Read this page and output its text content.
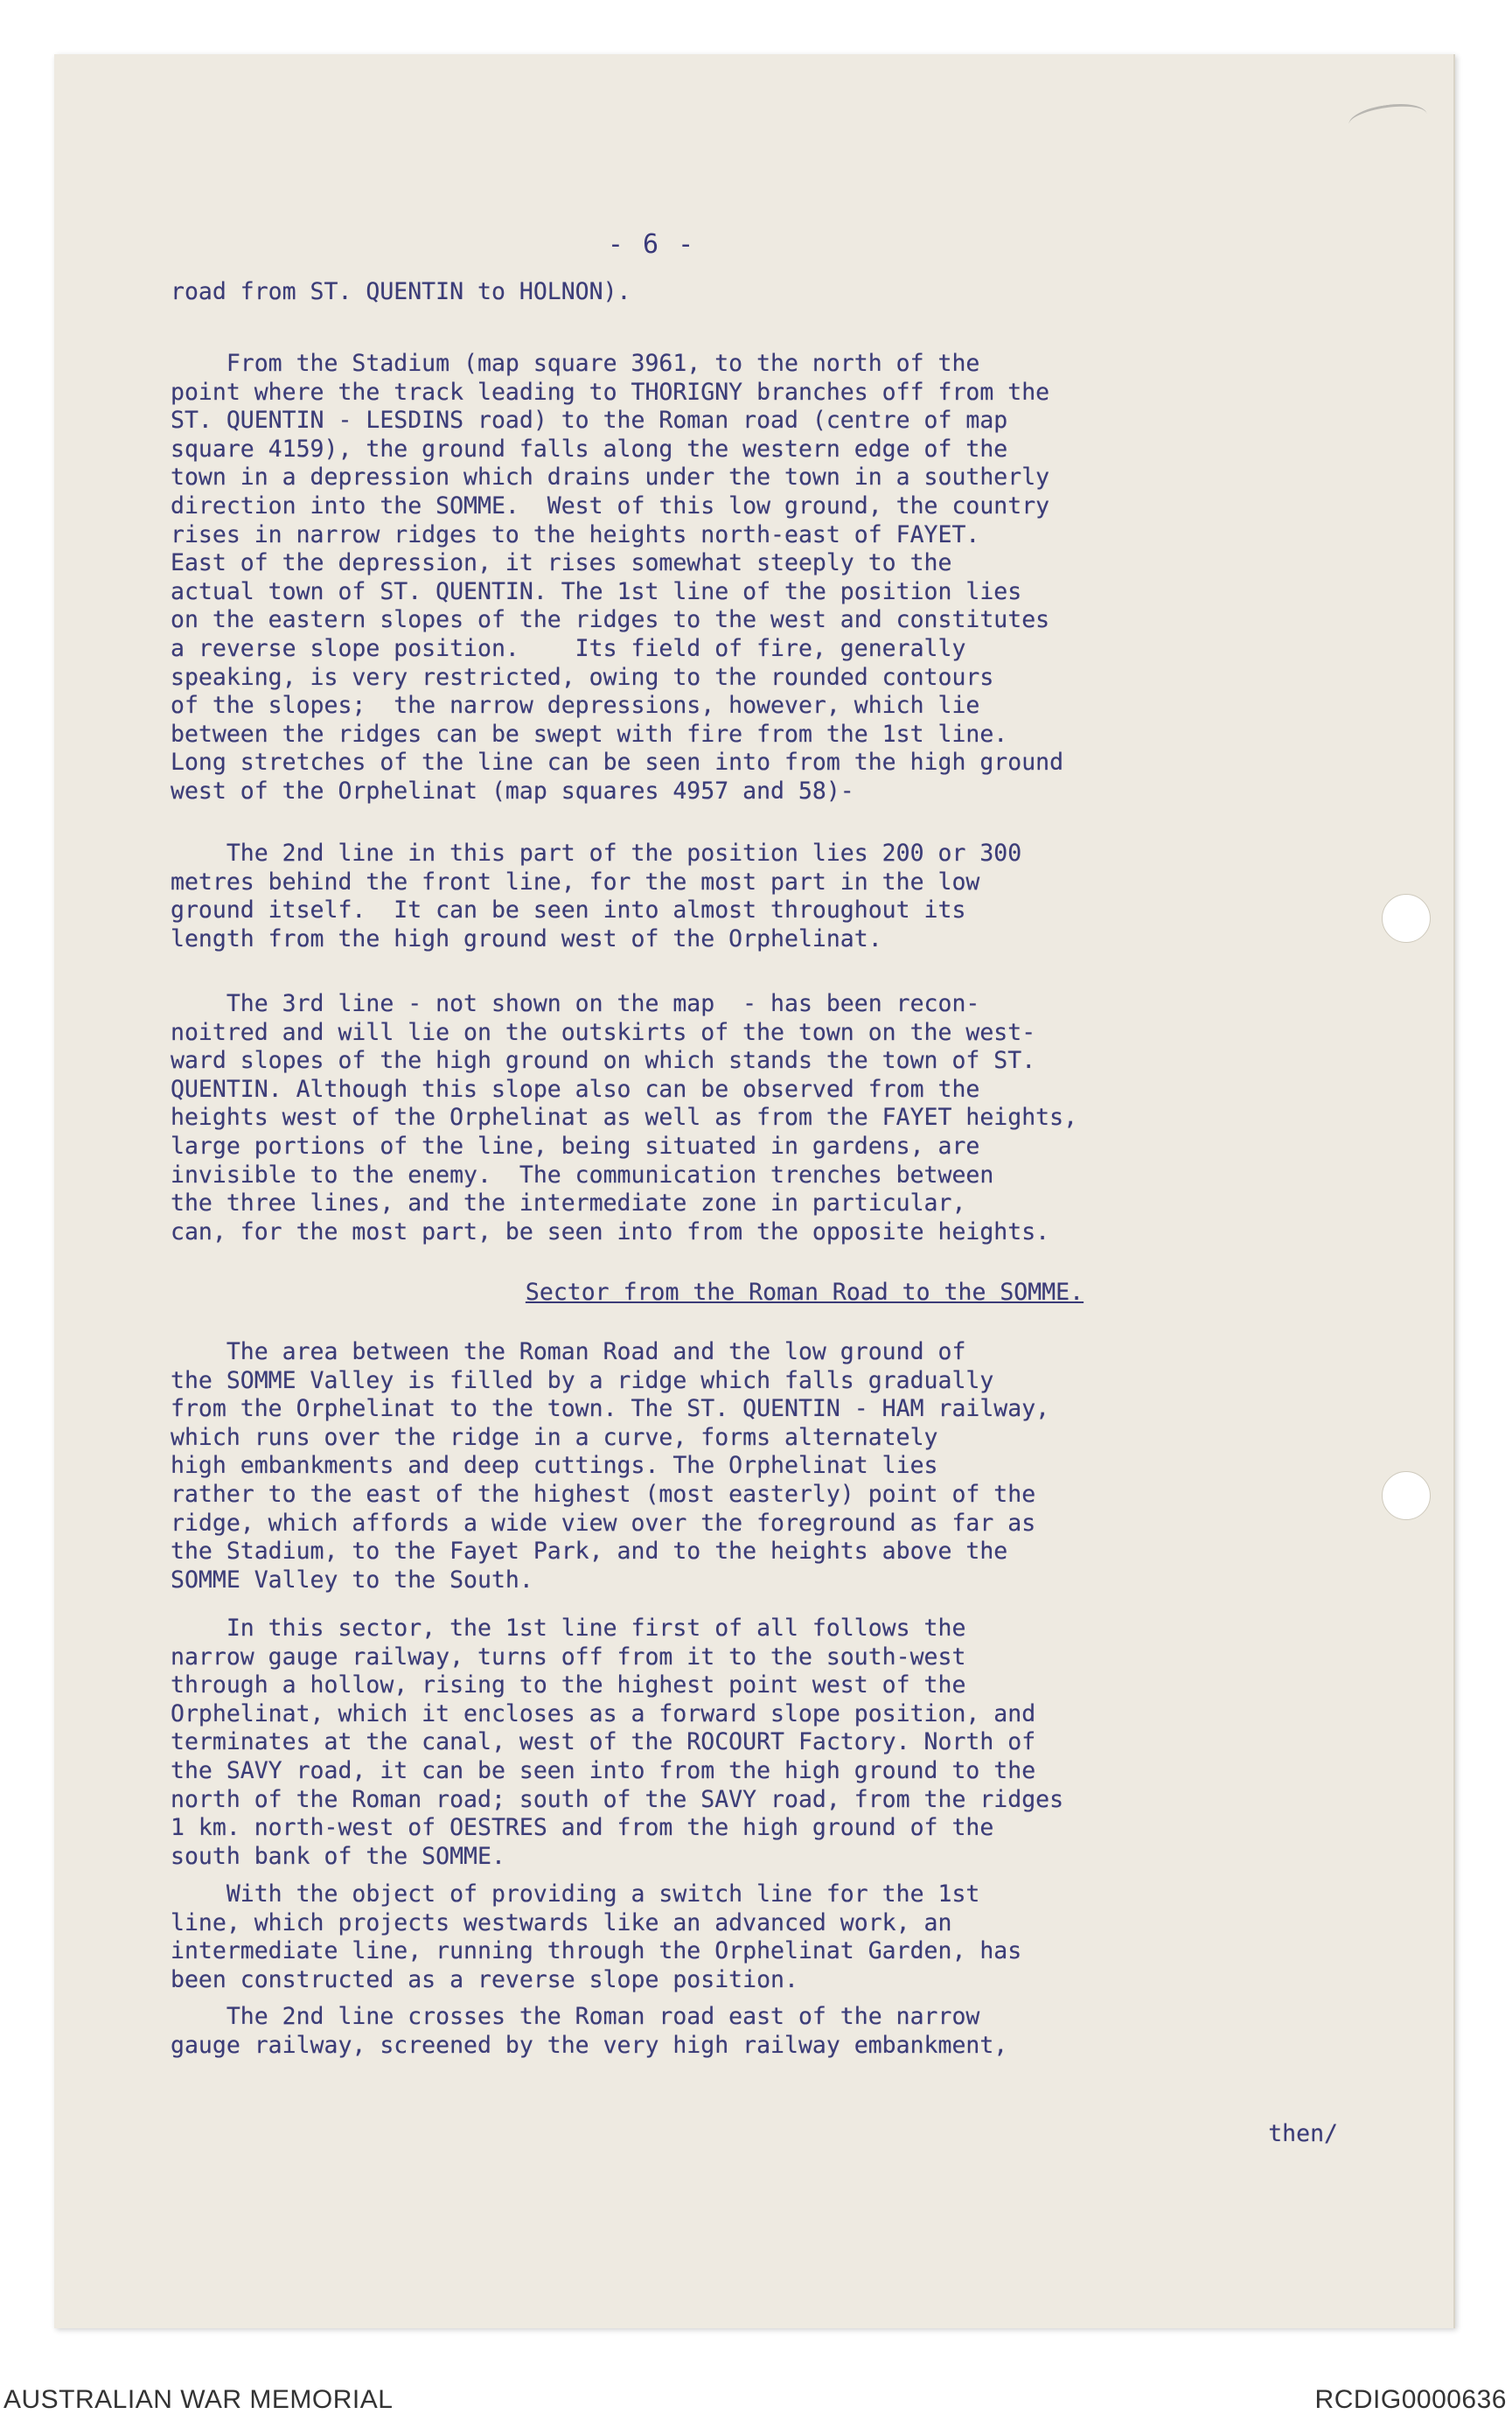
- 6 -
road from ST. QUENTIN to HOLNON).
From the Stadium (map square 3961, to the north of the
point where the track leading to THORIGNY branches off from the
ST. QUENTIN - LESDINS road) to the Roman road (centre of map
square 4159), the ground falls along the western edge of the
town in a depression which drains under the town in a southerly
direction into the SOMME.  West of this low ground, the country
rises in narrow ridges to the heights north-east of FAYET.
East of the depression, it rises somewhat steeply to the
actual town of ST. QUENTIN. The 1st line of the position lies
on the eastern slopes of the ridges to the west and constitutes
a reverse slope position.    Its field of fire, generally
speaking, is very restricted, owing to the rounded contours
of the slopes;  the narrow depressions, however, which lie
between the ridges can be swept with fire from the 1st line.
Long stretches of the line can be seen into from the high ground
west of the Orphelinat (map squares 4957 and 58)-
The 2nd line in this part of the position lies 200 or 300
metres behind the front line, for the most part in the low
ground itself.  It can be seen into almost throughout its
length from the high ground west of the Orphelinat.
The 3rd line - not shown on the map  - has been recon-
noitred and will lie on the outskirts of the town on the west-
ward slopes of the high ground on which stands the town of ST.
QUENTIN. Although this slope also can be observed from the
heights west of the Orphelinat as well as from the FAYET heights,
large portions of the line, being situated in gardens, are
invisible to the enemy.  The communication trenches between
the three lines, and the intermediate zone in particular,
can, for the most part, be seen into from the opposite heights.
Sector from the Roman Road to the SOMME.
The area between the Roman Road and the low ground of
the SOMME Valley is filled by a ridge which falls gradually
from the Orphelinat to the town. The ST. QUENTIN - HAM railway,
which runs over the ridge in a curve, forms alternately
high embankments and deep cuttings. The Orphelinat lies
rather to the east of the highest (most easterly) point of the
ridge, which affords a wide view over the foreground as far as
the Stadium, to the Fayet Park, and to the heights above the
SOMME Valley to the South.
In this sector, the 1st line first of all follows the
narrow gauge railway, turns off from it to the south-west
through a hollow, rising to the highest point west of the
Orphelinat, which it encloses as a forward slope position, and
terminates at the canal, west of the ROCOURT Factory. North of
the SAVY road, it can be seen into from the high ground to the
north of the Roman road; south of the SAVY road, from the ridges
1 km. north-west of OESTRES and from the high ground of the
south bank of the SOMME.
With the object of providing a switch line for the 1st
line, which projects westwards like an advanced work, an
intermediate line, running through the Orphelinat Garden, has
been constructed as a reverse slope position.
The 2nd line crosses the Roman road east of the narrow
gauge railway, screened by the very high railway embankment,
then/
AUSTRALIAN WAR MEMORIAL	RCDIG0000636
